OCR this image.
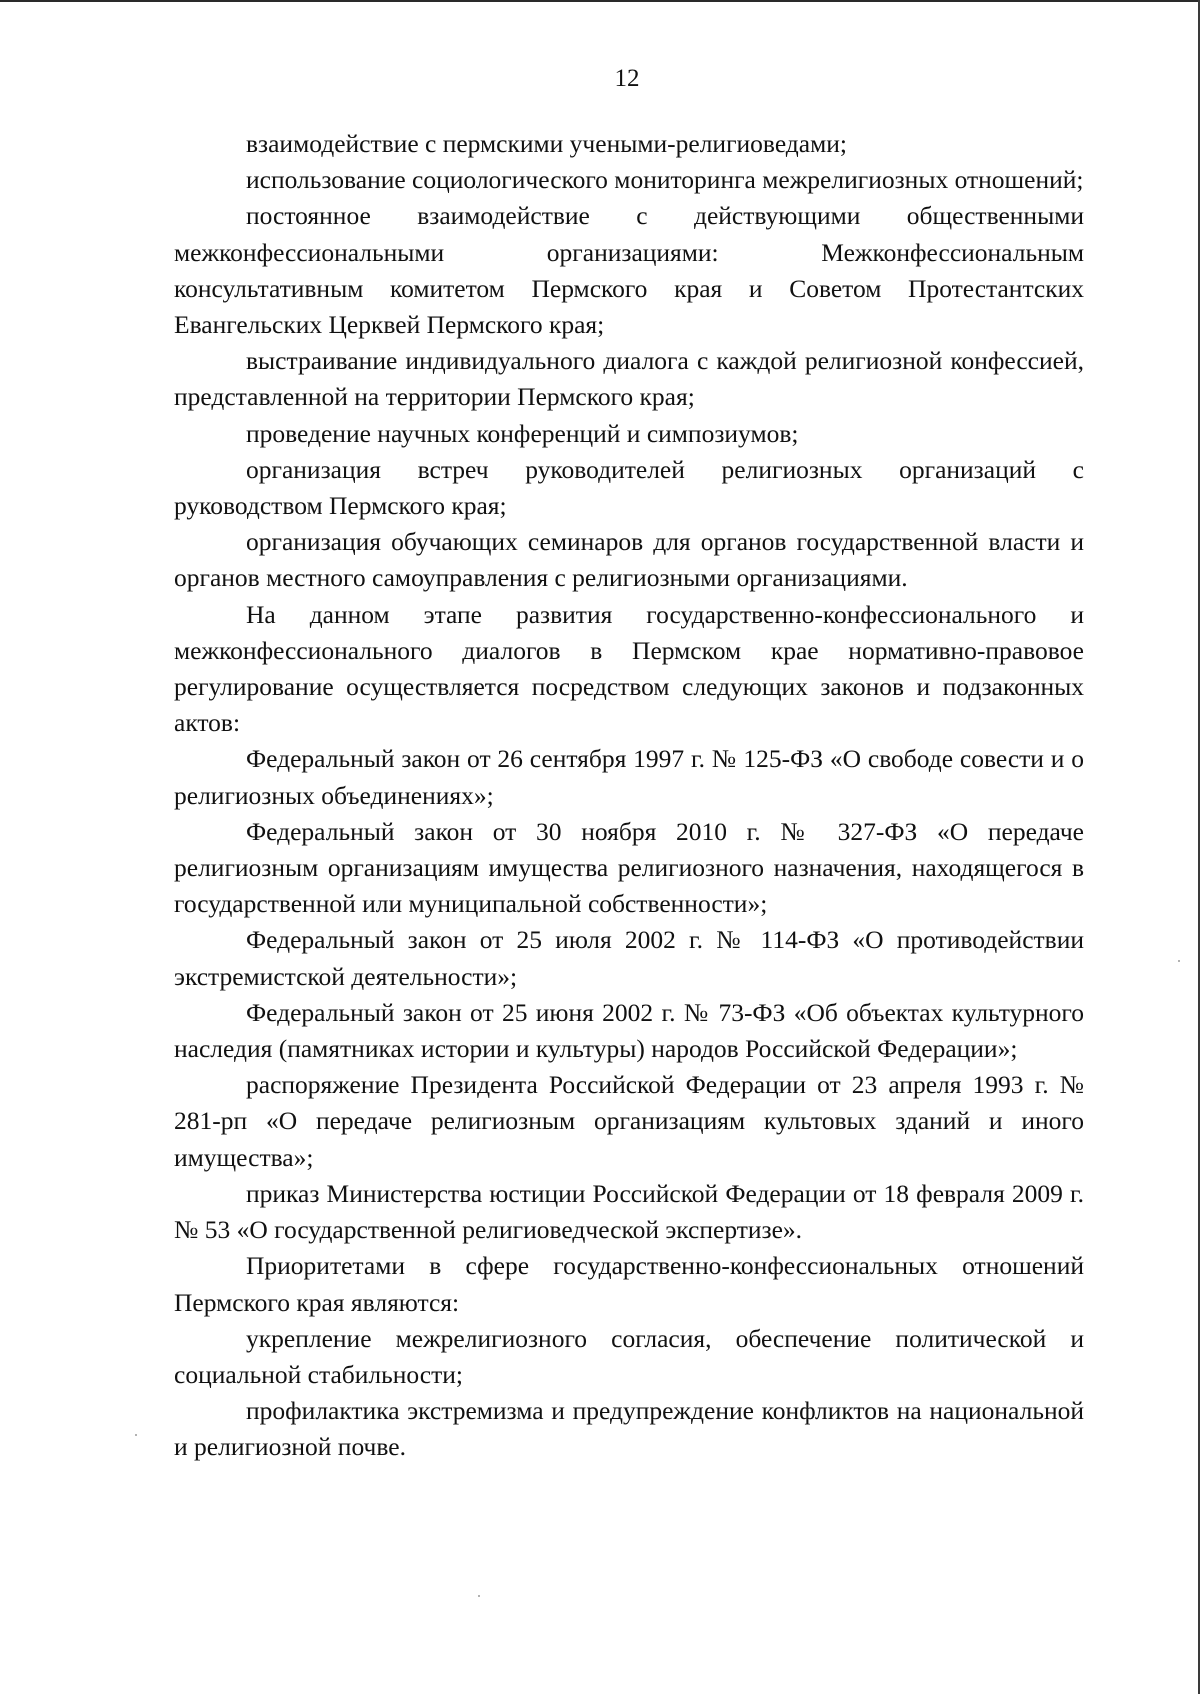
12

взаимодействие с пермскими учеными-религиоведами;

использование социологического мониторинга межрелигиозных отношений;

постоянное взаимодействие с действующими общественными межконфессиональными организациями: Межконфессиональным консультативным комитетом Пермского края и Советом Протестантских Евангельских Церквей Пермского края;

выстраивание индивидуального диалога с каждой религиозной конфессией, представленной на территории Пермского края;

проведение научных конференций и симпозиумов;

организация встреч руководителей религиозных организаций с руководством Пермского края;

организация обучающих семинаров для органов государственной власти и органов местного самоуправления с религиозными организациями.

На данном этапе развития государственно-конфессионального и межконфессионального диалогов в Пермском крае нормативно-правовое регулирование осуществляется посредством следующих законов и подзаконных актов:

Федеральный закон от 26 сентября 1997 г. № 125-ФЗ «О свободе совести и о религиозных объединениях»;

Федеральный закон от 30 ноября 2010 г. № 327-ФЗ «О передаче религиозным организациям имущества религиозного назначения, находящегося в государственной или муниципальной собственности»;

Федеральный закон от 25 июля 2002 г. № 114-ФЗ «О противодействии экстремистской деятельности»;

Федеральный закон от 25 июня 2002 г. № 73-ФЗ «Об объектах культурного наследия (памятниках истории и культуры) народов Российской Федерации»;

распоряжение Президента Российской Федерации от 23 апреля 1993 г. № 281-рп «О передаче религиозным организациям культовых зданий и иного имущества»;

приказ Министерства юстиции Российской Федерации от 18 февраля 2009 г. № 53 «О государственной религиоведческой экспертизе».

Приоритетами в сфере государственно-конфессиональных отношений Пермского края являются:

укрепление межрелигиозного согласия, обеспечение политической и социальной стабильности;

профилактика экстремизма и предупреждение конфликтов на национальной и религиозной почве.
